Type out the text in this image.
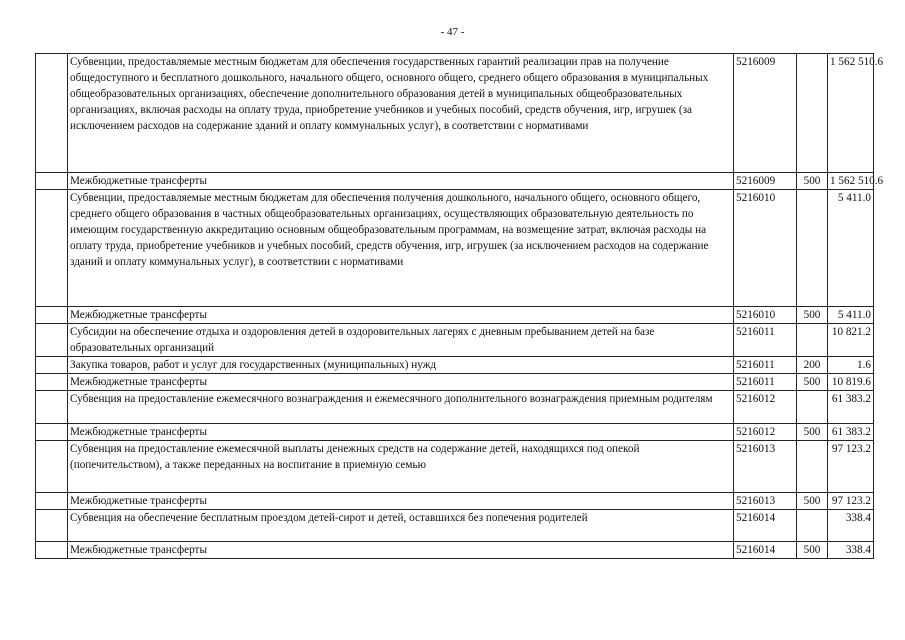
- 47 -
	Субвенции, предоставляемые местным бюджетам для обеспечения государственных гарантий реализации прав на получение общедоступного и бесплатного дошкольного, начального общего, основного общего, среднего общего образования в муниципальных общеобразовательных организациях, обеспечение дополнительного образования детей в муниципальных общеобразовательных организациях, включая расходы на оплату труда, приобретение учебников и учебных пособий, средств обучения, игр, игрушек (за исключением расходов на содержание зданий и оплату коммунальных услуг), в соответствии с нормативами	5216009		1 562 510.6
	Межбюджетные трансферты	5216009	500	1 562 510.6
	Субвенции, предоставляемые местным бюджетам для обеспечения получения дошкольного, начального общего, основного общего, среднего общего образования в частных общеобразовательных организациях, осуществляющих образовательную деятельность по имеющим государственную аккредитацию основным общеобразовательным программам, на возмещение затрат, включая расходы на оплату труда, приобретение учебников и учебных пособий, средств обучения, игр, игрушек (за исключением расходов на содержание зданий и оплату коммунальных услуг), в соответствии с нормативами	5216010		5 411.0
	Межбюджетные трансферты	5216010	500	5 411.0
	Субсидии на обеспечение отдыха и оздоровления детей в оздоровительных лагерях с дневным пребыванием детей на базе образовательных организаций	5216011		10 821.2
	Закупка товаров, работ и услуг для государственных (муниципальных) нужд	5216011	200	1.6
	Межбюджетные трансферты	5216011	500	10 819.6
	Субвенция на предоставление ежемесячного вознаграждения и ежемесячного дополнительного вознаграждения приемным родителям	5216012		61 383.2
	Межбюджетные трансферты	5216012	500	61 383.2
	Субвенция на предоставление ежемесячной выплаты денежных средств на содержание детей, находящихся под опекой (попечительством), а также переданных на воспитание в приемную семью	5216013		97 123.2
	Межбюджетные трансферты	5216013	500	97 123.2
	Субвенция на обеспечение бесплатным проездом детей-сирот и детей, оставшихся без попечения родителей	5216014		338.4
	Межбюджетные трансферты	5216014	500	338.4
